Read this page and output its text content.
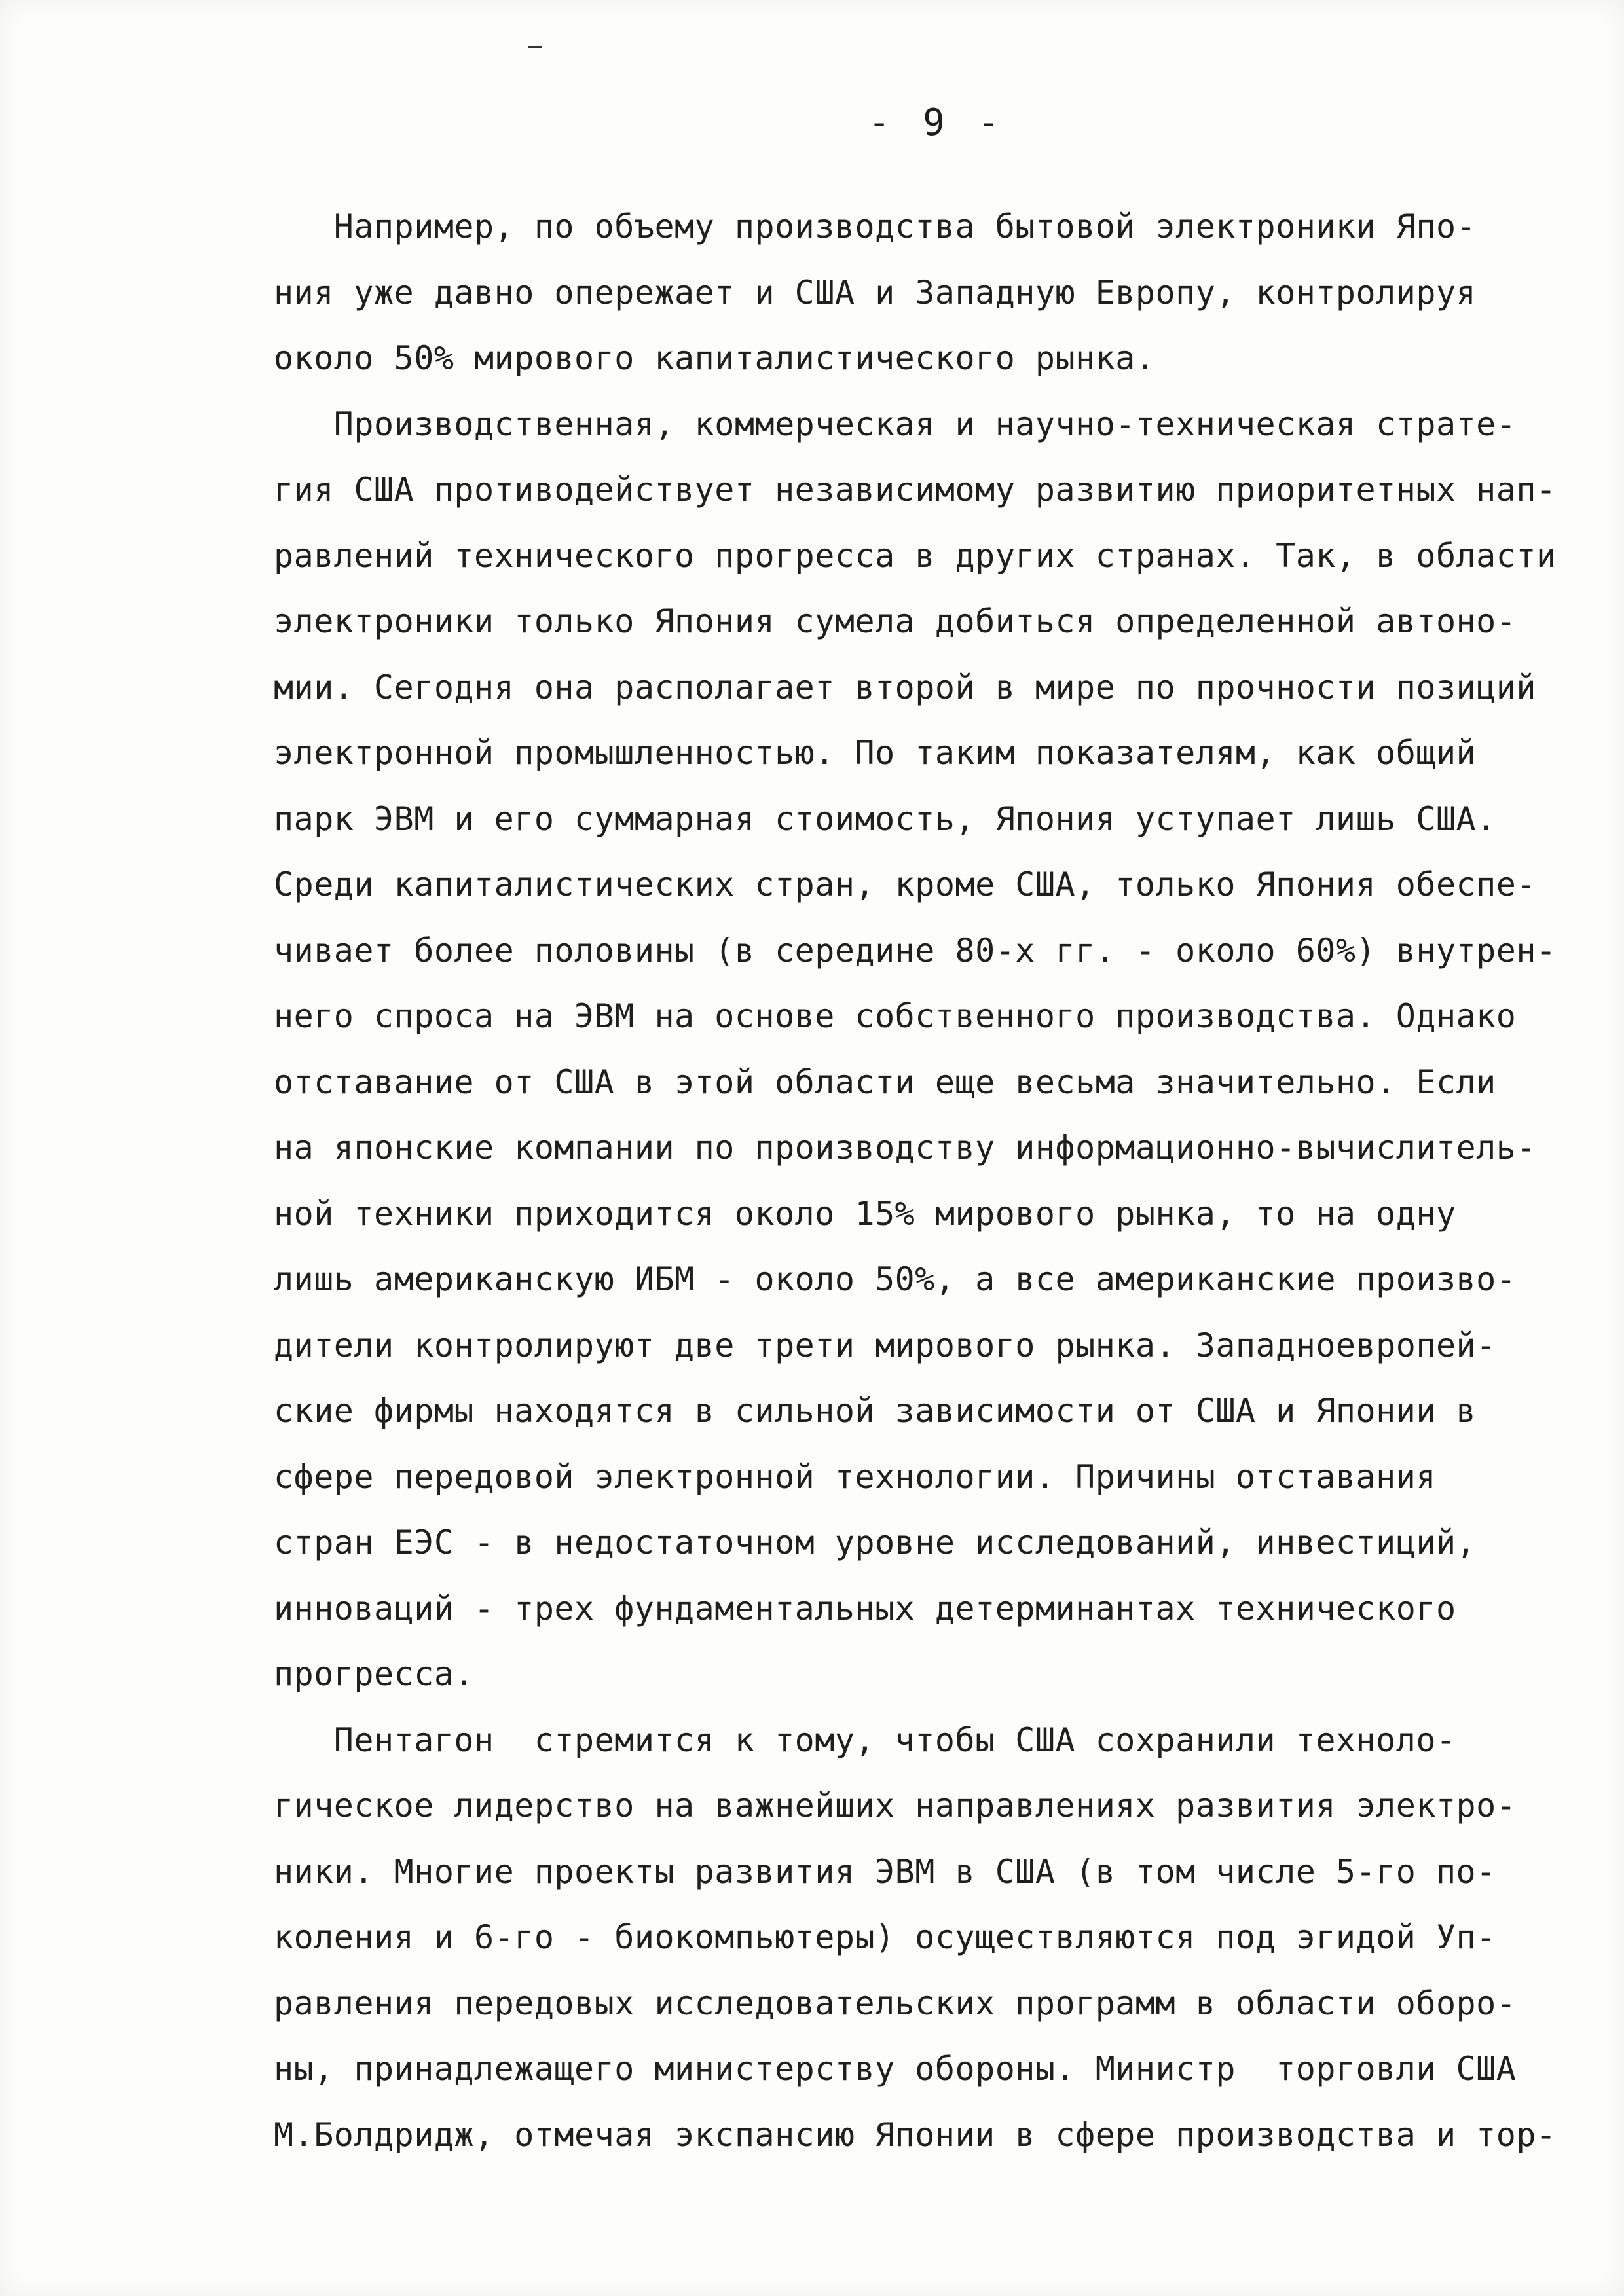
- 9 -
Например, по объему производства бытовой электроники Япо-
ния уже давно опережает и США и Западную Европу, контролируя
около 50% мирового капиталистического рынка.
Производственная, коммерческая и научно-техническая страте-
гия США противодействует независимому развитию приоритетных нап-
равлений технического прогресса в других странах. Так, в области
электроники только Япония сумела добиться определенной автоно-
мии. Сегодня она располагает второй в мире по прочности позиций
электронной промышленностью. По таким показателям, как общий
парк ЭВМ и его суммарная стоимость, Япония уступает лишь США.
Среди капиталистических стран, кроме США, только Япония обеспе-
чивает более половины (в середине 80-х гг. - около 60%) внутрен-
него спроса на ЭВМ на основе собственного производства. Однако
отставание от США в этой области еще весьма значительно. Если
на японские компании по производству информационно-вычислитель-
ной техники приходится около 15% мирового рынка, то на одну
лишь американскую ИБМ - около 50%, а все американские произво-
дители контролируют две трети мирового рынка. Западноевропей-
ские фирмы находятся в сильной зависимости от США и Японии в
сфере передовой электронной технологии. Причины отставания
стран ЕЭС - в недостаточном уровне исследований, инвестиций,
инноваций - трех фундаментальных детерминантах технического
прогресса.
Пентагон  стремится к тому, чтобы США сохранили техноло-
гическое лидерство на важнейших направлениях развития электро-
ники. Многие проекты развития ЭВМ в США (в том числе 5-го по-
коления и 6-го - биокомпьютеры) осуществляются под эгидой Уп-
равления передовых исследовательских программ в области оборо-
ны, принадлежащего министерству обороны. Министр  торговли США
М.Болдридж, отмечая экспансию Японии в сфере производства и тор-
